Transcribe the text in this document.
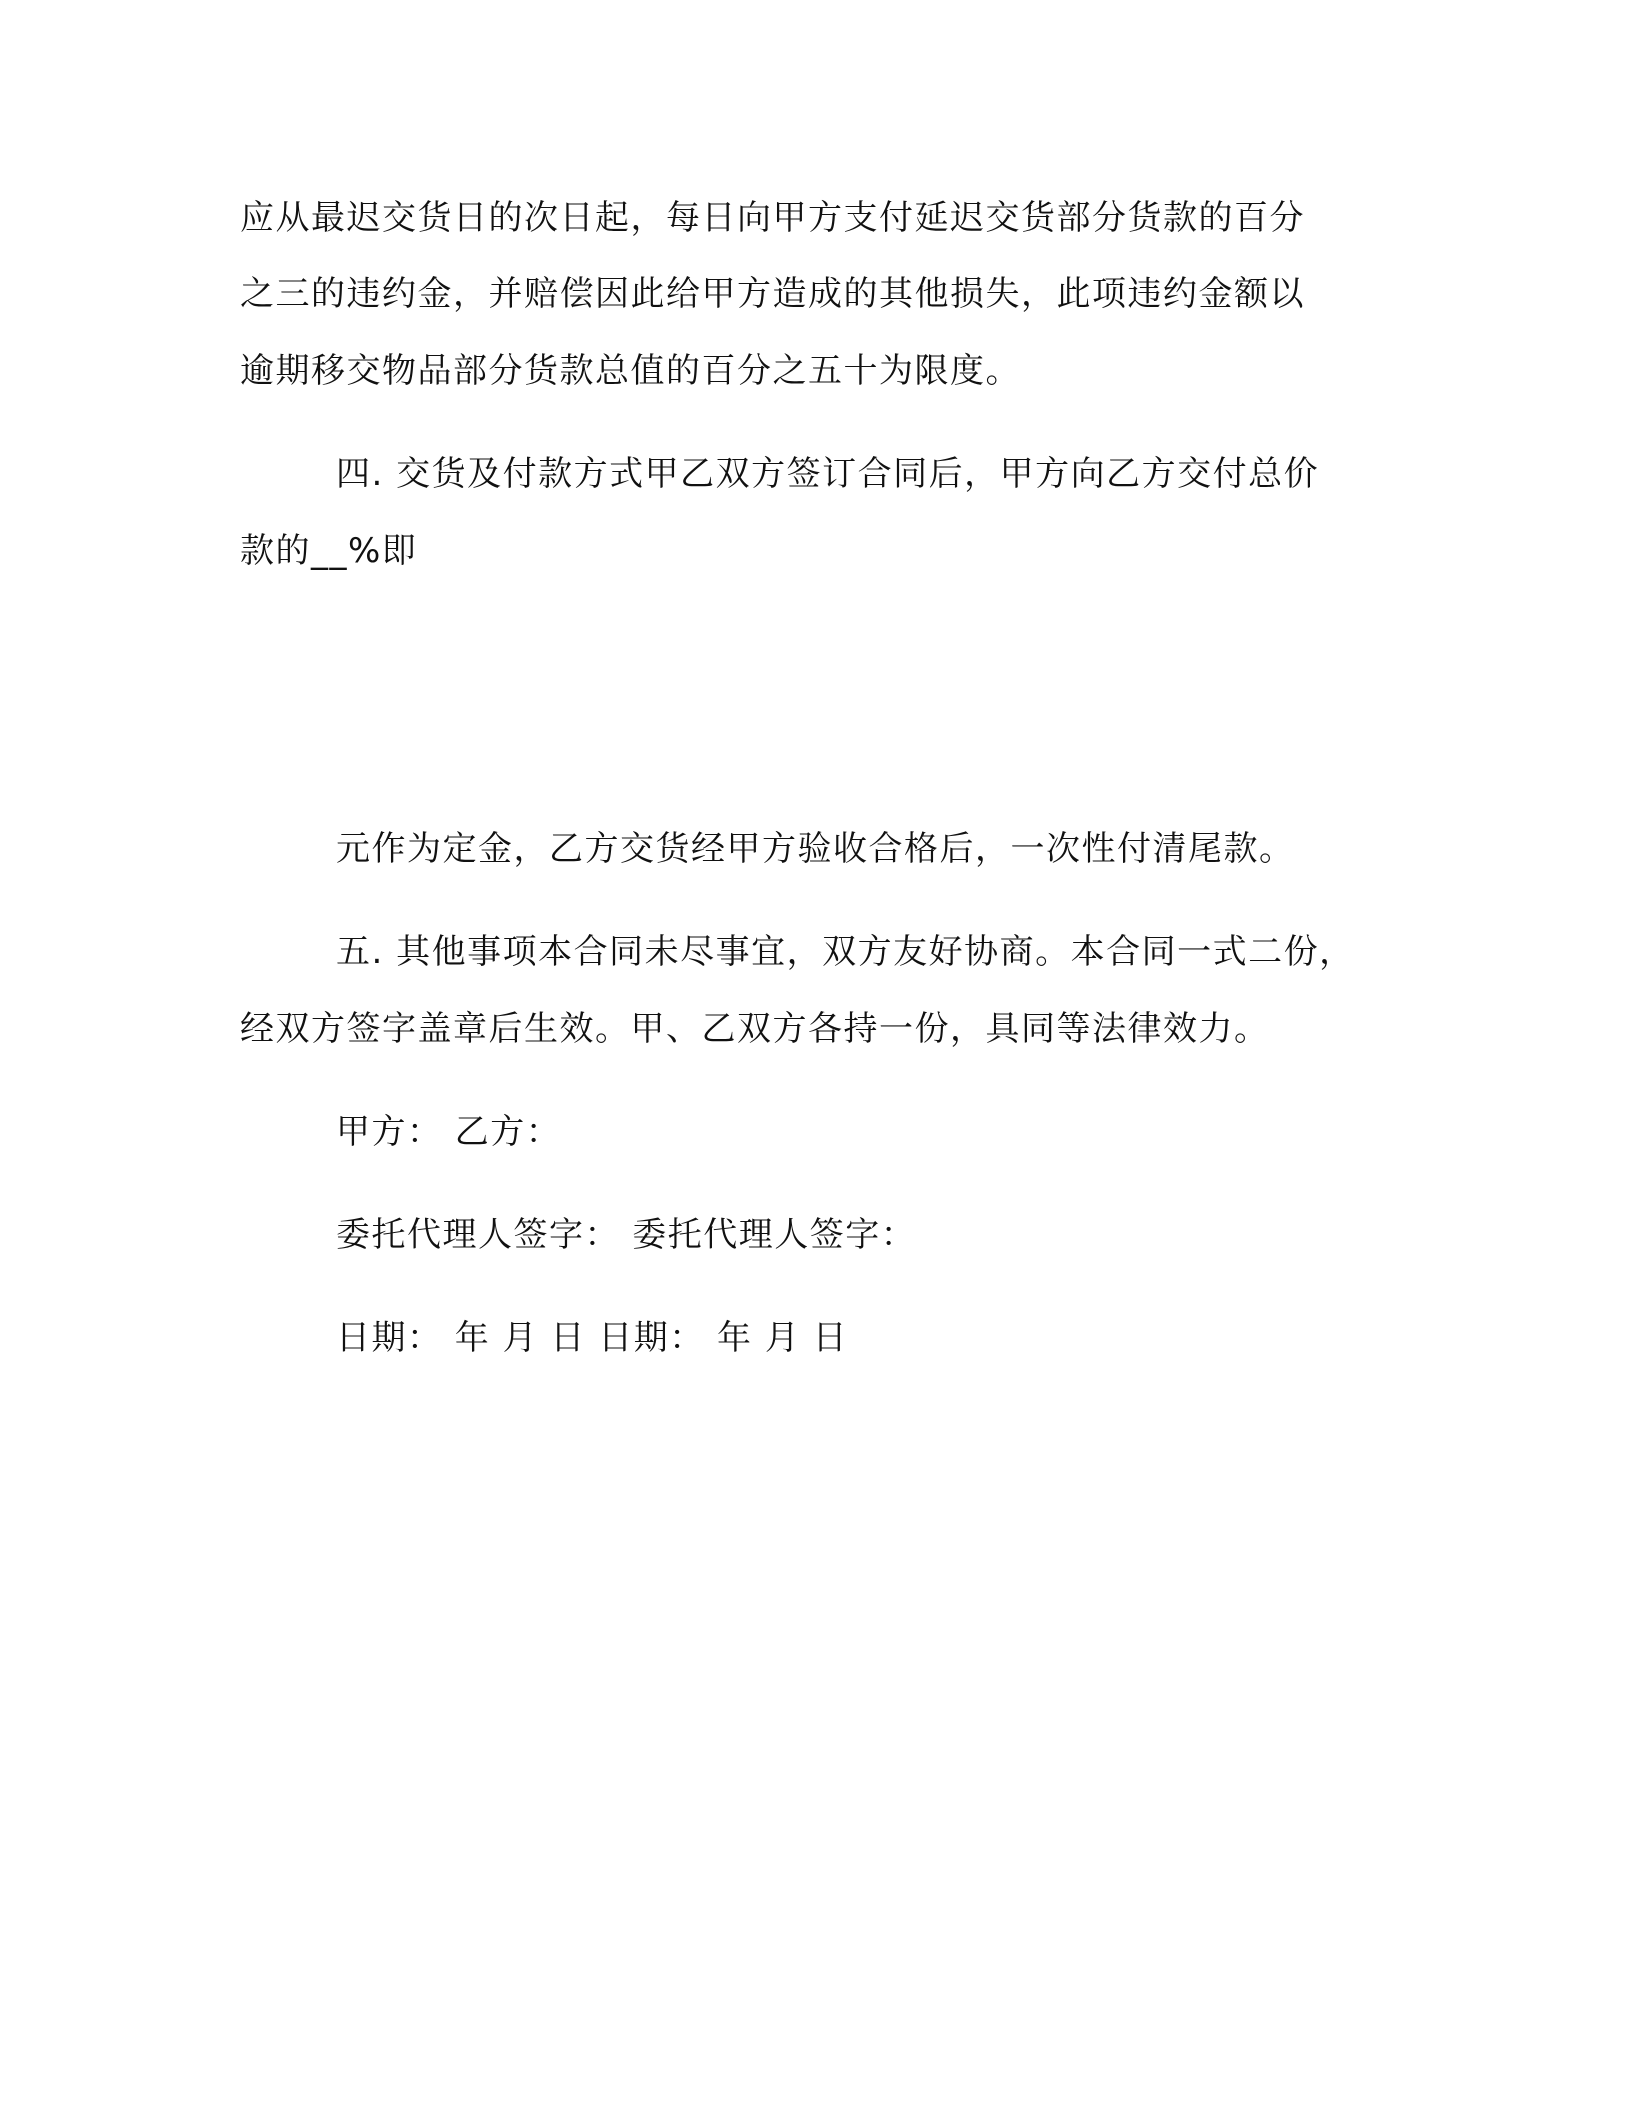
应从最迟交货日的次日起，每日向甲方支付延迟交货部分货款的百分
之三的违约金，并赔偿因此给甲方造成的其他损失，此项违约金额以
逾期移交物品部分货款总值的百分之五十为限度。
四. 交货及付款方式甲乙双方签订合同后，甲方向乙方交付总价
款的__%即
元作为定金，乙方交货经甲方验收合格后，一次性付清尾款。
五. 其他事项本合同未尽事宜，双方友好协商。本合同一式二份，
经双方签字盖章后生效。甲、乙双方各持一份，具同等法律效力。
甲方： 乙方：
委托代理人签字： 委托代理人签字：
日期： 年 月 日 日期： 年 月 日
